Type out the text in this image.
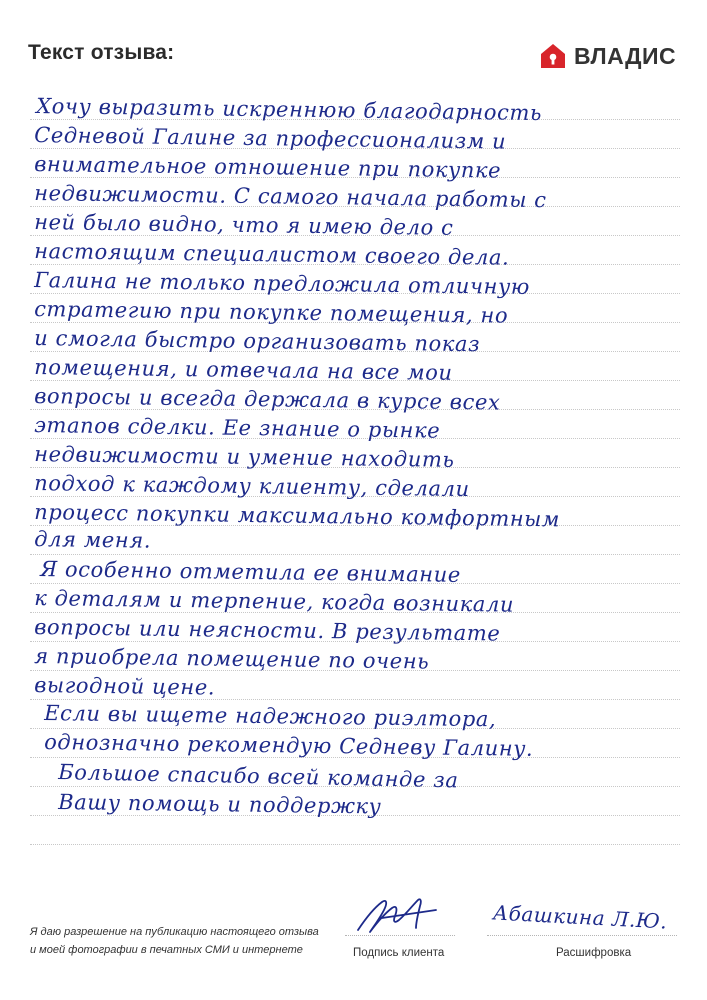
Текст отзыва:	ВЛАДИС
Хочу выразить искреннюю благодарность
Седневой Галине за профессионализм и
внимательное отношение при покупке
недвижимости. С самого начала работы с
ней было видно, что я имею дело с
настоящим специалистом своего дела.
Галина не только предложила отличную
стратегию при покупке помещения, но
и смогла быстро организовать показ
помещения, и отвечала на все мои
вопросы и всегда держала в курсе всех
этапов сделки. Ее знание о рынке
недвижимости и умение находить
подход к каждому клиенту, сделали
процесс покупки максимально комфортным
для меня.
Я особенно отметила ее внимание
к деталям и терпение, когда возникали
вопросы или неясности. В результате
я приобрела помещение по очень
выгодной цене.
Если вы ищете надежного риэлтора,
однозначно рекомендую Седневу Галину.
Большое спасибо всей команде за
Вашу помощь и поддержку
Я даю разрешение на публикацию настоящего отзыва
и моей фотографии в печатных СМИ и интернете
Абашкина Л.Ю.
Подпись клиента	Расшифровка
